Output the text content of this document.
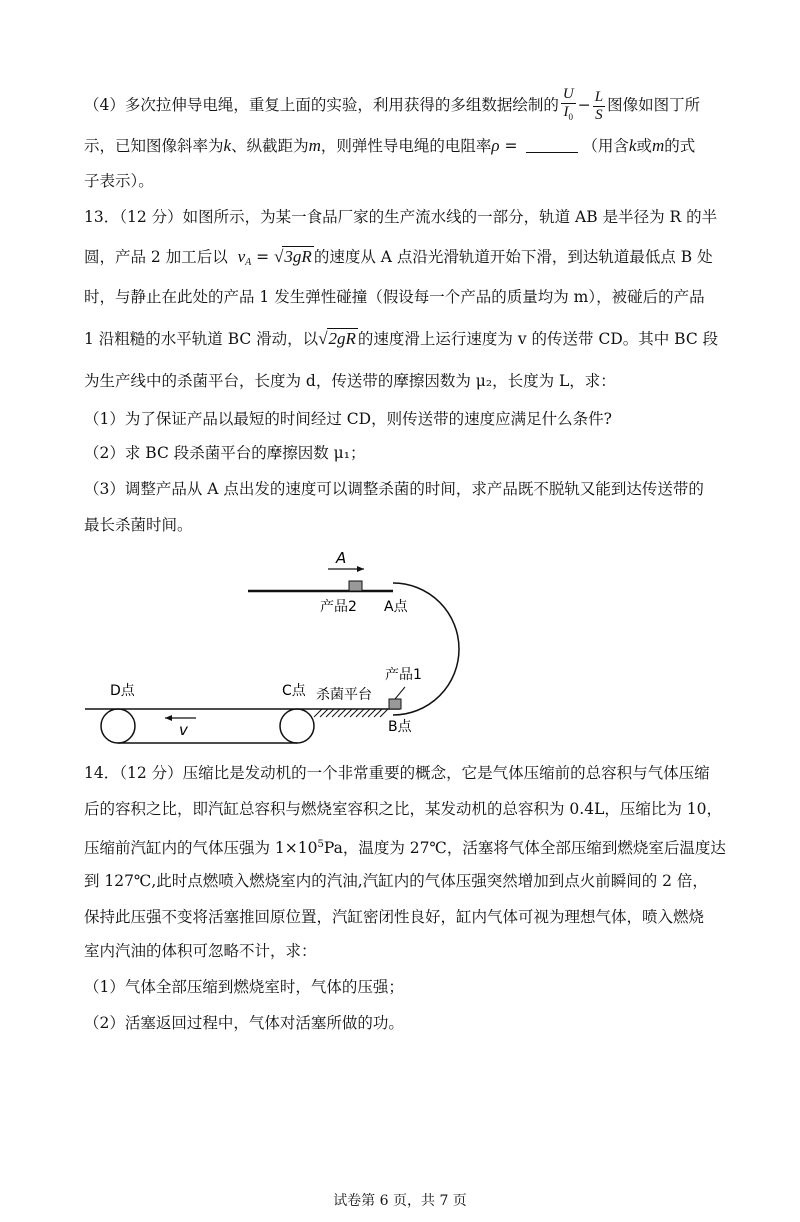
（4）多次拉伸导电绳，重复上面的实验，利用获得的多组数据绘制的 $\frac{U}{I_0} - \frac{L}{S}$ 图像如图丁所
示，已知图像斜率为k、纵截距为m，则弹性导电绳的电阻率ρ =	（用含k或m的式
子表示）。
13．（12 分）如图所示，为某一食品厂家的生产流水线的一部分，轨道 AB 是半径为 R 的半
圆，产品 2 加工后以 $v_A = √3gR$ 的速度从 A 点沿光滑轨道开始下滑，到达轨道最低点 B 处
时，与静止在此处的产品 1 发生弹性碰撞（假设每一个产品的质量均为 m），被碰后的产品
1 沿粗糙的水平轨道 BC 滑动，以√2gR 的速度滑上运行速度为 v 的传送带 CD。其中 BC 段
为生产线中的杀菌平台，长度为 d，传送带的摩擦因数为 μ₂，长度为 L，求：
（1）为了保证产品以最短的时间经过 CD，则传送带的速度应满足什么条件?
（2）求 BC 段杀菌平台的摩擦因数 μ₁；
（3）调整产品从 A 点出发的速度可以调整杀菌的时间，求产品既不脱轨又能到达传送带的
最长杀菌时间。
A
产品2 A点
产品1
杀菌平台
B点
v
D点	C点
14．（12 分）压缩比是发动机的一个非常重要的概念，它是气体压缩前的总容积与气体压缩
后的容积之比，即汽缸总容积与燃烧室容积之比，某发动机的总容积为 0.4L，压缩比为 10，
压缩前汽缸内的气体压强为 $1\times 10^5Pa$，温度为 27℃，活塞将气体全部压缩到燃烧室后温度达
到 127℃,此时点燃喷入燃烧室内的汽油,汽缸内的气体压强突然增加到点火前瞬间的 2 倍，
保持此压强不变将活塞推回原位置，汽缸密闭性良好，缸内气体可视为理想气体，喷入燃烧
室内汽油的体积可忽略不计，求：
（1）气体全部压缩到燃烧室时，气体的压强；
（2）活塞返回过程中，气体对活塞所做的功。
试卷第 6 页，共 7 页
